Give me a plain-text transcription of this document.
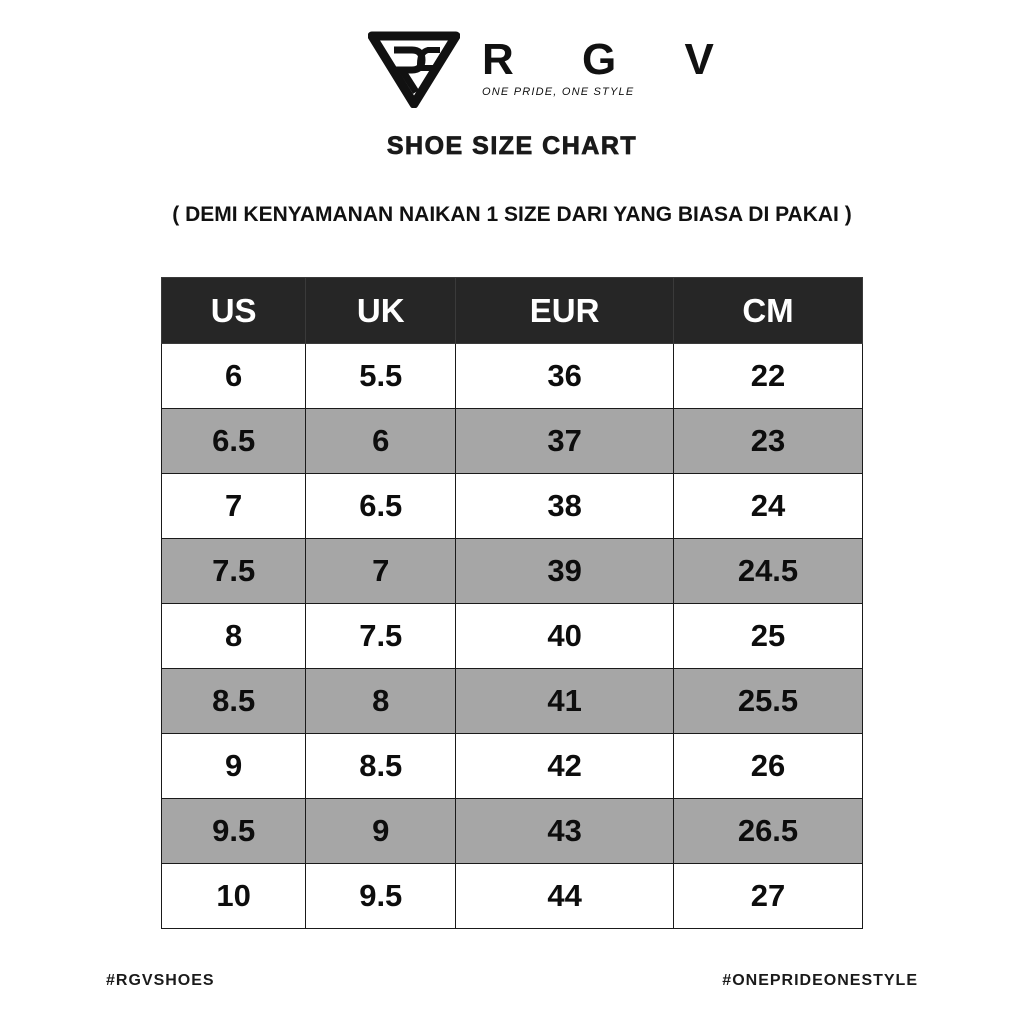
R G V
ONE PRIDE, ONE STYLE
SHOE SIZE CHART
( DEMI KENYAMANAN NAIKAN 1 SIZE DARI YANG BIASA DI PAKAI )
US	UK	EUR	CM
6	5.5	36	22
6.5	6	37	23
7	6.5	38	24
7.5	7	39	24.5
8	7.5	40	25
8.5	8	41	25.5
9	8.5	42	26
9.5	9	43	26.5
10	9.5	44	27
#RGVSHOES	#ONEPRIDEONESTYLE
